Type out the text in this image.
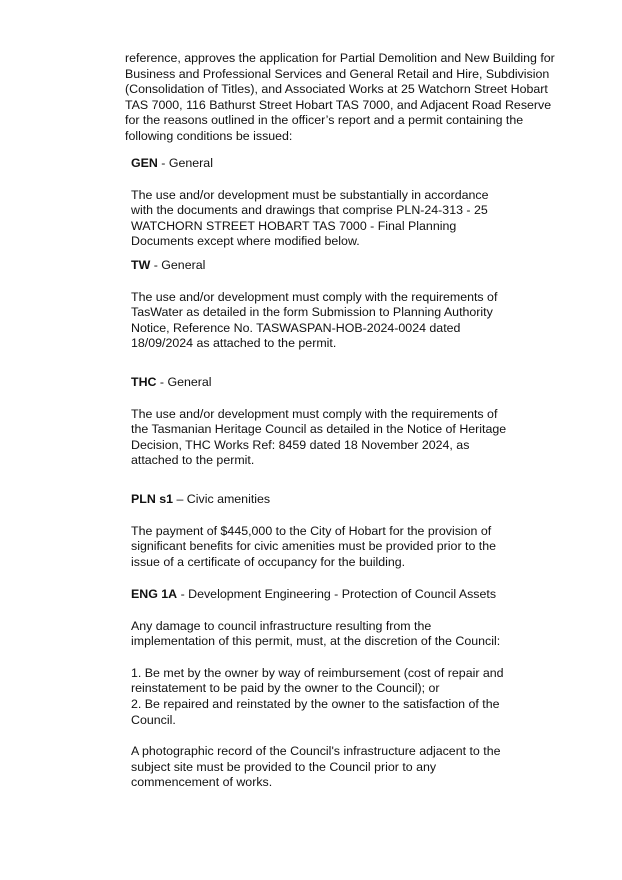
reference, approves the application for Partial Demolition and New Building for
Business and Professional Services and General Retail and Hire, Subdivision
(Consolidation of Titles), and Associated Works at 25 Watchorn Street Hobart
TAS 7000, 116 Bathurst Street Hobart TAS 7000, and Adjacent Road Reserve
for the reasons outlined in the officer’s report and a permit containing the
following conditions be issued:
GEN - General
The use and/or development must be substantially in accordance
with the documents and drawings that comprise PLN-24-313 - 25
WATCHORN STREET HOBART TAS 7000 - Final Planning
Documents except where modified below.
TW - General
The use and/or development must comply with the requirements of
TasWater as detailed in the form Submission to Planning Authority
Notice, Reference No. TASWASPAN-HOB-2024-0024 dated
18/09/2024 as attached to the permit.
THC - General
The use and/or development must comply with the requirements of
the Tasmanian Heritage Council as detailed in the Notice of Heritage
Decision, THC Works Ref: 8459 dated 18 November 2024, as
attached to the permit.
PLN s1 – Civic amenities
The payment of $445,000 to the City of Hobart for the provision of
significant benefits for civic amenities must be provided prior to the
issue of a certificate of occupancy for the building.
ENG 1A - Development Engineering - Protection of Council Assets
Any damage to council infrastructure resulting from the
implementation of this permit, must, at the discretion of the Council:
1. Be met by the owner by way of reimbursement (cost of repair and
reinstatement to be paid by the owner to the Council); or
2. Be repaired and reinstated by the owner to the satisfaction of the
Council.
A photographic record of the Council's infrastructure adjacent to the
subject site must be provided to the Council prior to any
commencement of works.
